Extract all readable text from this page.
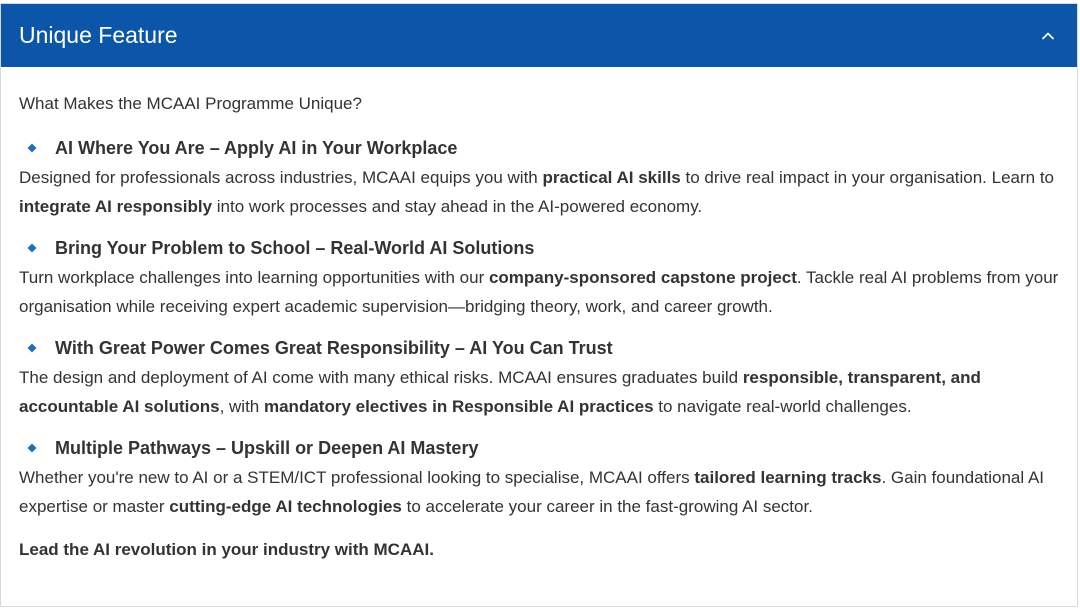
Unique Feature

What Makes the MCAAI Programme Unique?

AI Where You Are – Apply AI in Your Workplace

Designed for professionals across industries, MCAAI equips you with practical AI skills to drive real impact in your organisation. Learn to integrate AI responsibly into work processes and stay ahead in the AI-powered economy.

Bring Your Problem to School – Real-World AI Solutions

Turn workplace challenges into learning opportunities with our company-sponsored capstone project. Tackle real AI problems from your organisation while receiving expert academic supervision—bridging theory, work, and career growth.

With Great Power Comes Great Responsibility – AI You Can Trust

The design and deployment of AI come with many ethical risks. MCAAI ensures graduates build responsible, transparent, and accountable AI solutions, with mandatory electives in Responsible AI practices to navigate real-world challenges.

Multiple Pathways – Upskill or Deepen AI Mastery

Whether you're new to AI or a STEM/ICT professional looking to specialise, MCAAI offers tailored learning tracks. Gain foundational AI expertise or master cutting-edge AI technologies to accelerate your career in the fast-growing AI sector.

Lead the AI revolution in your industry with MCAAI.
